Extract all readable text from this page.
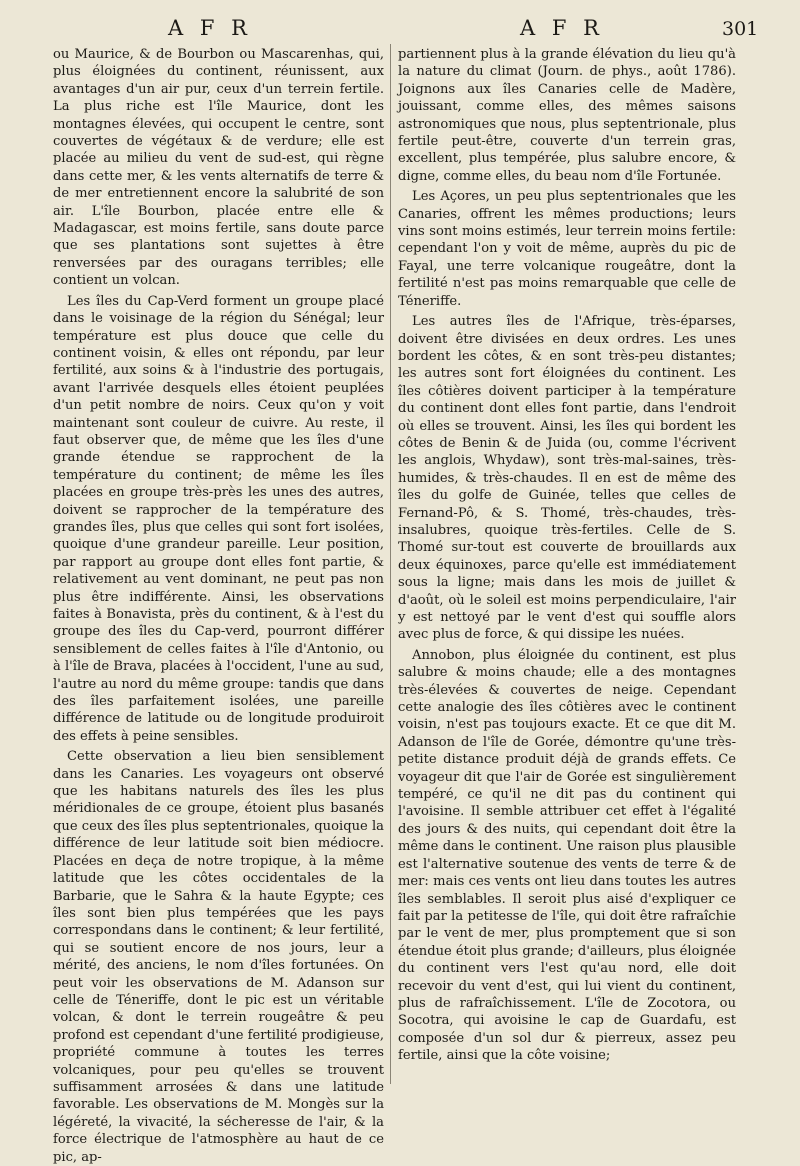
A F R	A F R	301

ou Maurice, & de Bourbon ou Mascarenhas, qui, plus éloignées du continent, réunissent, aux avantages d'un air pur, ceux d'un terrein fertile. La plus riche est l'île Maurice, dont les montagnes élevées, qui occupent le centre, sont couvertes de végétaux & de verdure; elle est placée au milieu du vent de sud-est, qui règne dans cette mer, & les vents alternatifs de terre & de mer entretiennent encore la salubrité de son air. L'île Bourbon, placée entre elle & Madagascar, est moins fertile, sans doute parce que ses plantations sont sujettes à être renversées par des ouragans terribles; elle contient un volcan.

Les îles du Cap-Verd forment un groupe placé dans le voisinage de la région du Sénégal; leur température est plus douce que celle du continent voisin, & elles ont répondu, par leur fertilité, aux soins & à l'industrie des portugais, avant l'arrivée desquels elles étoient peuplées d'un petit nombre de noirs. Ceux qu'on y voit maintenant sont couleur de cuivre. Au reste, il faut observer que, de même que les îles d'une grande étendue se rapprochent de la température du continent; de même les îles placées en groupe très-près les unes des autres, doivent se rapprocher de la température des grandes îles, plus que celles qui sont fort isolées, quoique d'une grandeur pareille. Leur position, par rapport au groupe dont elles font partie, & relativement au vent dominant, ne peut pas non plus être indifférente. Ainsi, les observations faites à Bonavista, près du continent, & à l'est du groupe des îles du Cap-verd, pourront différer sensiblement de celles faites à l'île d'Antonio, ou à l'île de Brava, placées à l'occident, l'une au sud, l'autre au nord du même groupe: tandis que dans des îles parfaitement isolées, une pareille différence de latitude ou de longitude produiroit des effets à peine sensibles.

Cette observation a lieu bien sensiblement dans les Canaries. Les voyageurs ont observé que les habitans naturels des îles les plus méridionales de ce groupe, étoient plus basanés que ceux des îles plus septentrionales, quoique la différence de leur latitude soit bien médiocre. Placées en deça de notre tropique, à la même latitude que les côtes occidentales de la Barbarie, que le Sahra & la haute Egypte; ces îles sont bien plus tempérées que les pays correspondans dans le continent; & leur fertilité, qui se soutient encore de nos jours, leur a mérité, des anciens, le nom d'îles fortunées. On peut voir les observations de M. Adanson sur celle de Téneriffe, dont le pic est un véritable volcan, & dont le terrein rougeâtre & peu profond est cependant d'une fertilité prodigieuse, propriété commune à toutes les terres volcaniques, pour peu qu'elles se trouvent suffisamment arrosées & dans une latitude favorable. Les observations de M. Mongès sur la légéreté, la vivacité, la sécheresse de l'air, & la force électrique de l'atmosphère au haut de ce pic, ap-

partiennent plus à la grande élévation du lieu qu'à la nature du climat (Journ. de phys., août 1786). Joignons aux îles Canaries celle de Madère, jouissant, comme elles, des mêmes saisons astronomiques que nous, plus septentrionale, plus fertile peut-être, couverte d'un terrein gras, excellent, plus tempérée, plus salubre encore, & digne, comme elles, du beau nom d'île Fortunée.

Les Açores, un peu plus septentrionales que les Canaries, offrent les mêmes productions; leurs vins sont moins estimés, leur terrein moins fertile: cependant l'on y voit de même, auprès du pic de Fayal, une terre volcanique rougeâtre, dont la fertilité n'est pas moins remarquable que celle de Téneriffe.

Les autres îles de l'Afrique, très-éparses, doivent être divisées en deux ordres. Les unes bordent les côtes, & en sont très-peu distantes; les autres sont fort éloignées du continent. Les îles côtières doivent participer à la température du continent dont elles font partie, dans l'endroit où elles se trouvent. Ainsi, les îles qui bordent les côtes de Benin & de Juida (ou, comme l'écrivent les anglois, Whydaw), sont très-mal-saines, très-humides, & très-chaudes. Il en est de même des îles du golfe de Guinée, telles que celles de Fernand-Pô, & S. Thomé, très-chaudes, très-insalubres, quoique très-fertiles. Celle de S. Thomé sur-tout est couverte de brouillards aux deux équinoxes, parce qu'elle est immédiatement sous la ligne; mais dans les mois de juillet & d'août, où le soleil est moins perpendiculaire, l'air y est nettoyé par le vent d'est qui souffle alors avec plus de force, & qui dissipe les nuées.

Annobon, plus éloignée du continent, est plus salubre & moins chaude; elle a des montagnes très-élevées & couvertes de neige. Cependant cette analogie des îles côtières avec le continent voisin, n'est pas toujours exacte. Et ce que dit M. Adanson de l'île de Gorée, démontre qu'une très-petite distance produit déjà de grands effets. Ce voyageur dit que l'air de Gorée est singulièrement tempéré, ce qu'il ne dit pas du continent qui l'avoisine. Il semble attribuer cet effet à l'égalité des jours & des nuits, qui cependant doit être la même dans le continent. Une raison plus plausible est l'alternative soutenue des vents de terre & de mer: mais ces vents ont lieu dans toutes les autres îles semblables. Il seroit plus aisé d'expliquer ce fait par la petitesse de l'île, qui doit être rafraîchie par le vent de mer, plus promptement que si son étendue étoit plus grande; d'ailleurs, plus éloignée du continent vers l'est qu'au nord, elle doit recevoir du vent d'est, qui lui vient du continent, plus de rafraîchissement. L'île de Zocotora, ou Socotra, qui avoisine le cap de Guardafu, est composée d'un sol dur & pierreux, assez peu fertile, ainsi que la côte voisine;
